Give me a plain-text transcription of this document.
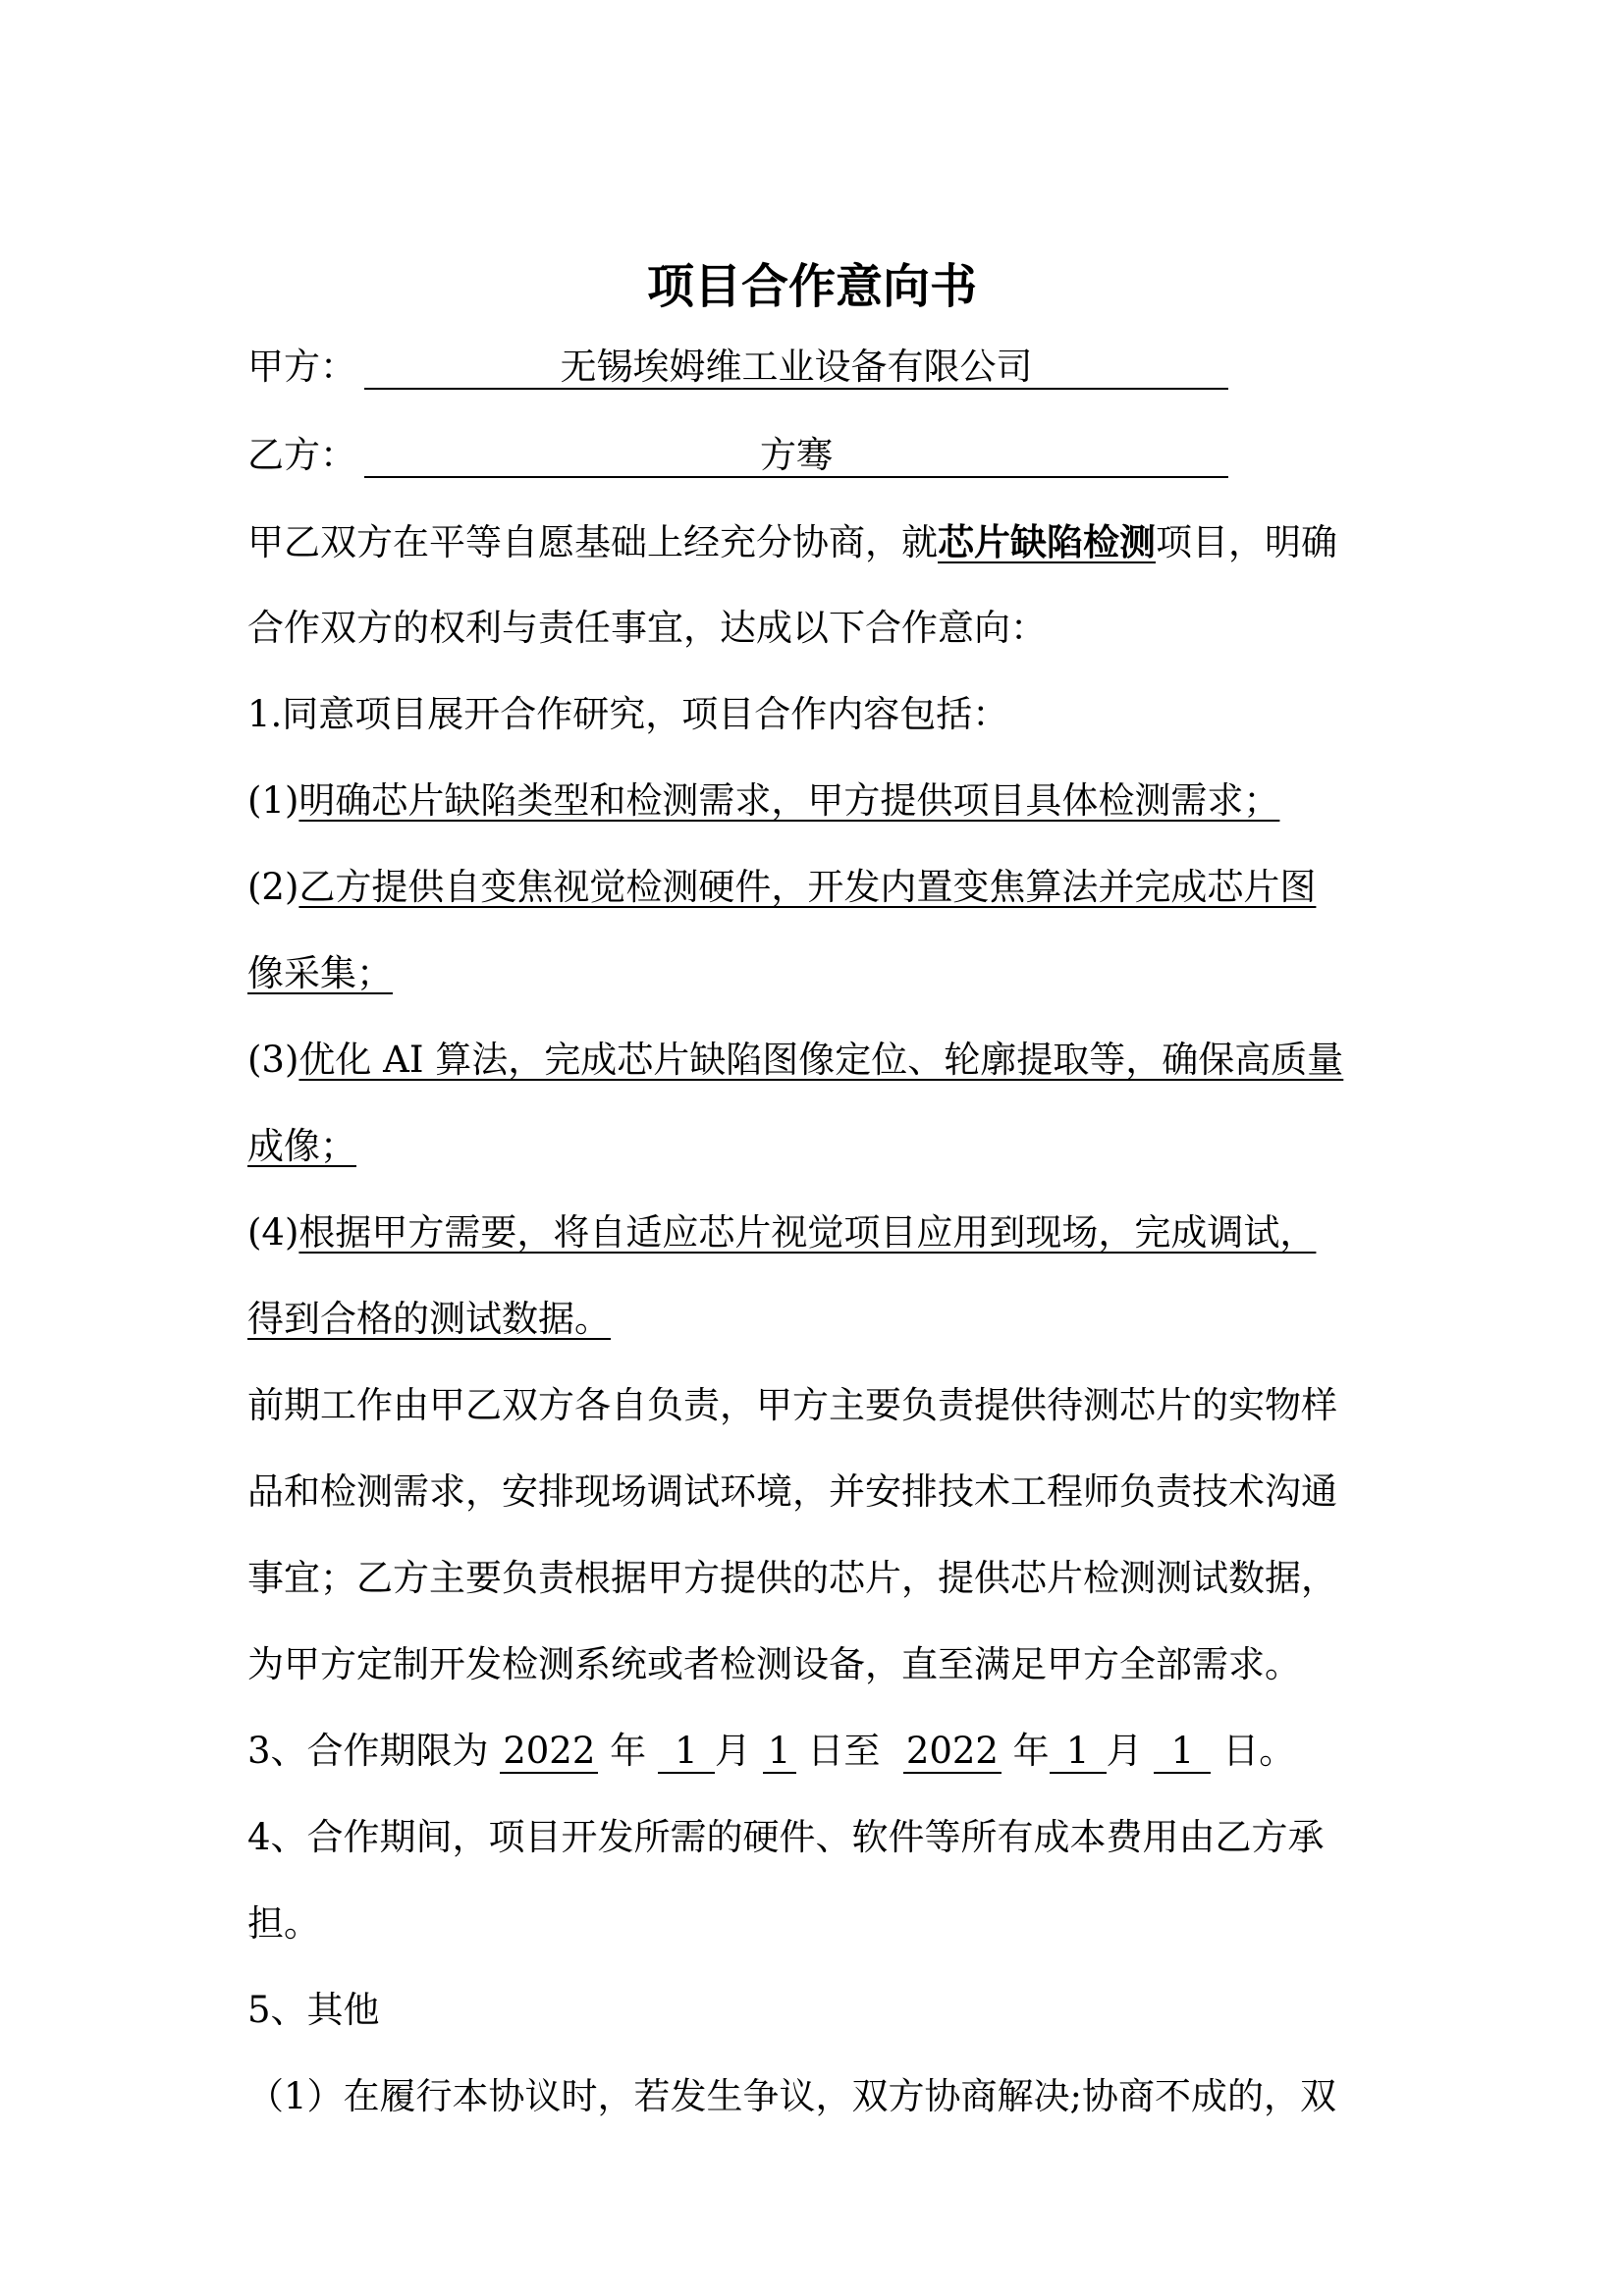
项目合作意向书
甲方：	无锡埃姆维工业设备有限公司
乙方：	方骞
甲乙双方在平等自愿基础上经充分协商，就芯片缺陷检测项目，明确
合作双方的权利与责任事宜，达成以下合作意向：
1.同意项目展开合作研究，项目合作内容包括：
(1)明确芯片缺陷类型和检测需求，甲方提供项目具体检测需求；
(2)乙方提供自变焦视觉检测硬件，开发内置变焦算法并完成芯片图
像采集；
(3)优化 AI 算法，完成芯片缺陷图像定位、轮廓提取等，确保高质量
成像；
(4)根据甲方需要，将自适应芯片视觉项目应用到现场，完成调试，
得到合格的测试数据。
前期工作由甲乙双方各自负责，甲方主要负责提供待测芯片的实物样
品和检测需求，安排现场调试环境，并安排技术工程师负责技术沟通
事宜；乙方主要负责根据甲方提供的芯片，提供芯片检测测试数据，
为甲方定制开发检测系统或者检测设备，直至满足甲方全部需求。
3、合作期限为 2022 年 1 月 1 日至 2022 年 1 月 1 日。
4、合作期间，项目开发所需的硬件、软件等所有成本费用由乙方承
担。
5、其他
（1）在履行本协议时，若发生争议，双方协商解决;协商不成的，双
